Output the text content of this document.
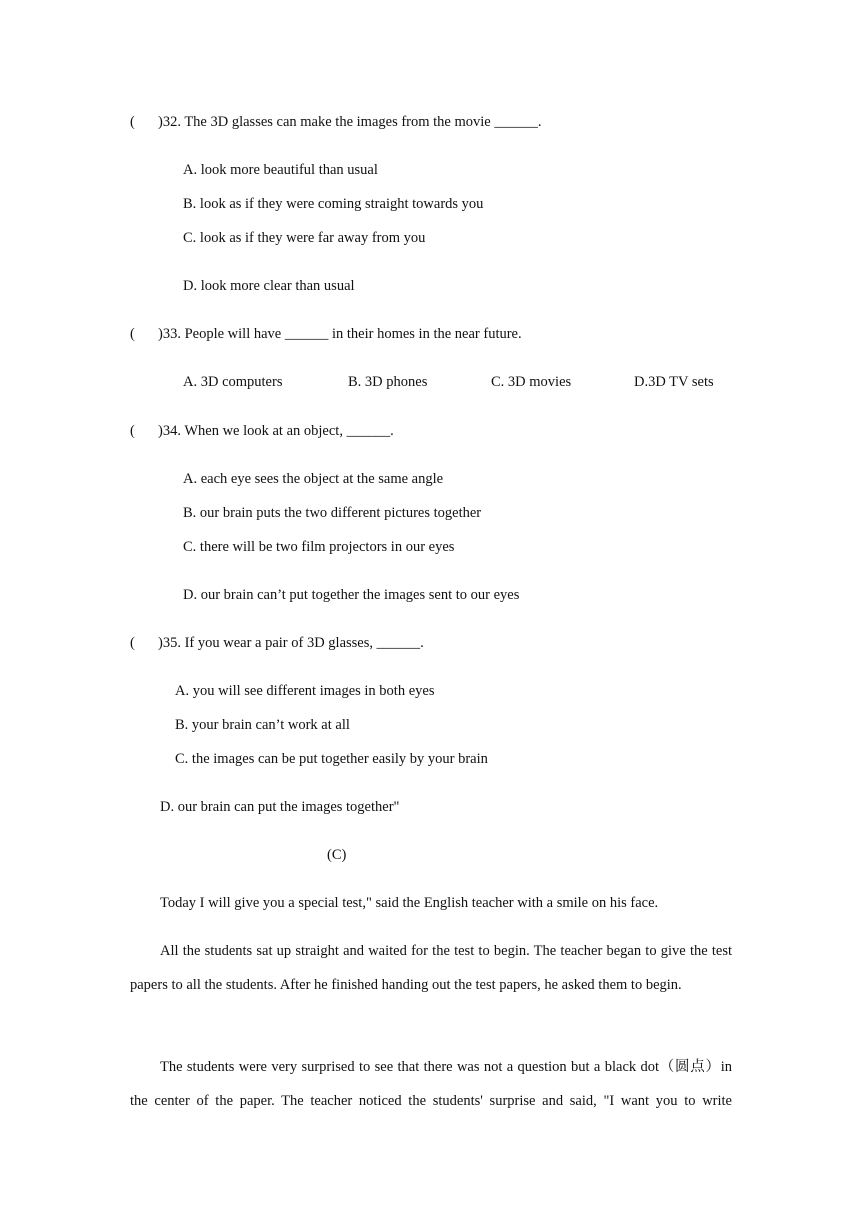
( )32. The 3D glasses can make the images from the movie ______.
A. look more beautiful than usual
B. look as if they were coming straight towards you
C. look as if they were far away from you
D. look more clear than usual
( )33. People will have ______ in their homes in the near future.
A. 3D computers	B. 3D phones	C. 3D movies	D.3D TV sets
( )34. When we look at an object, ______.
A. each eye sees the object at the same angle
B. our brain puts the two different pictures together
C. there will be two film projectors in our eyes
D. our brain can’t put together the images sent to our eyes
( )35. If you wear a pair of 3D glasses, ______.
A. you will see different images in both eyes
B. your brain can’t work at all
C. the images can be put together easily by your brain
D. our brain can put the images together"
(C)

Today I will give you a special test," said the English teacher with a smile on his face.

All the students sat up straight and waited for the test to begin. The teacher began to give the test papers to all the students. After he finished handing out the test papers, he asked them to begin.

The students were very surprised to see that there was not a question but a black dot（圆点）in the center of the paper. The teacher noticed the students' surprise and said, "I want you to write
